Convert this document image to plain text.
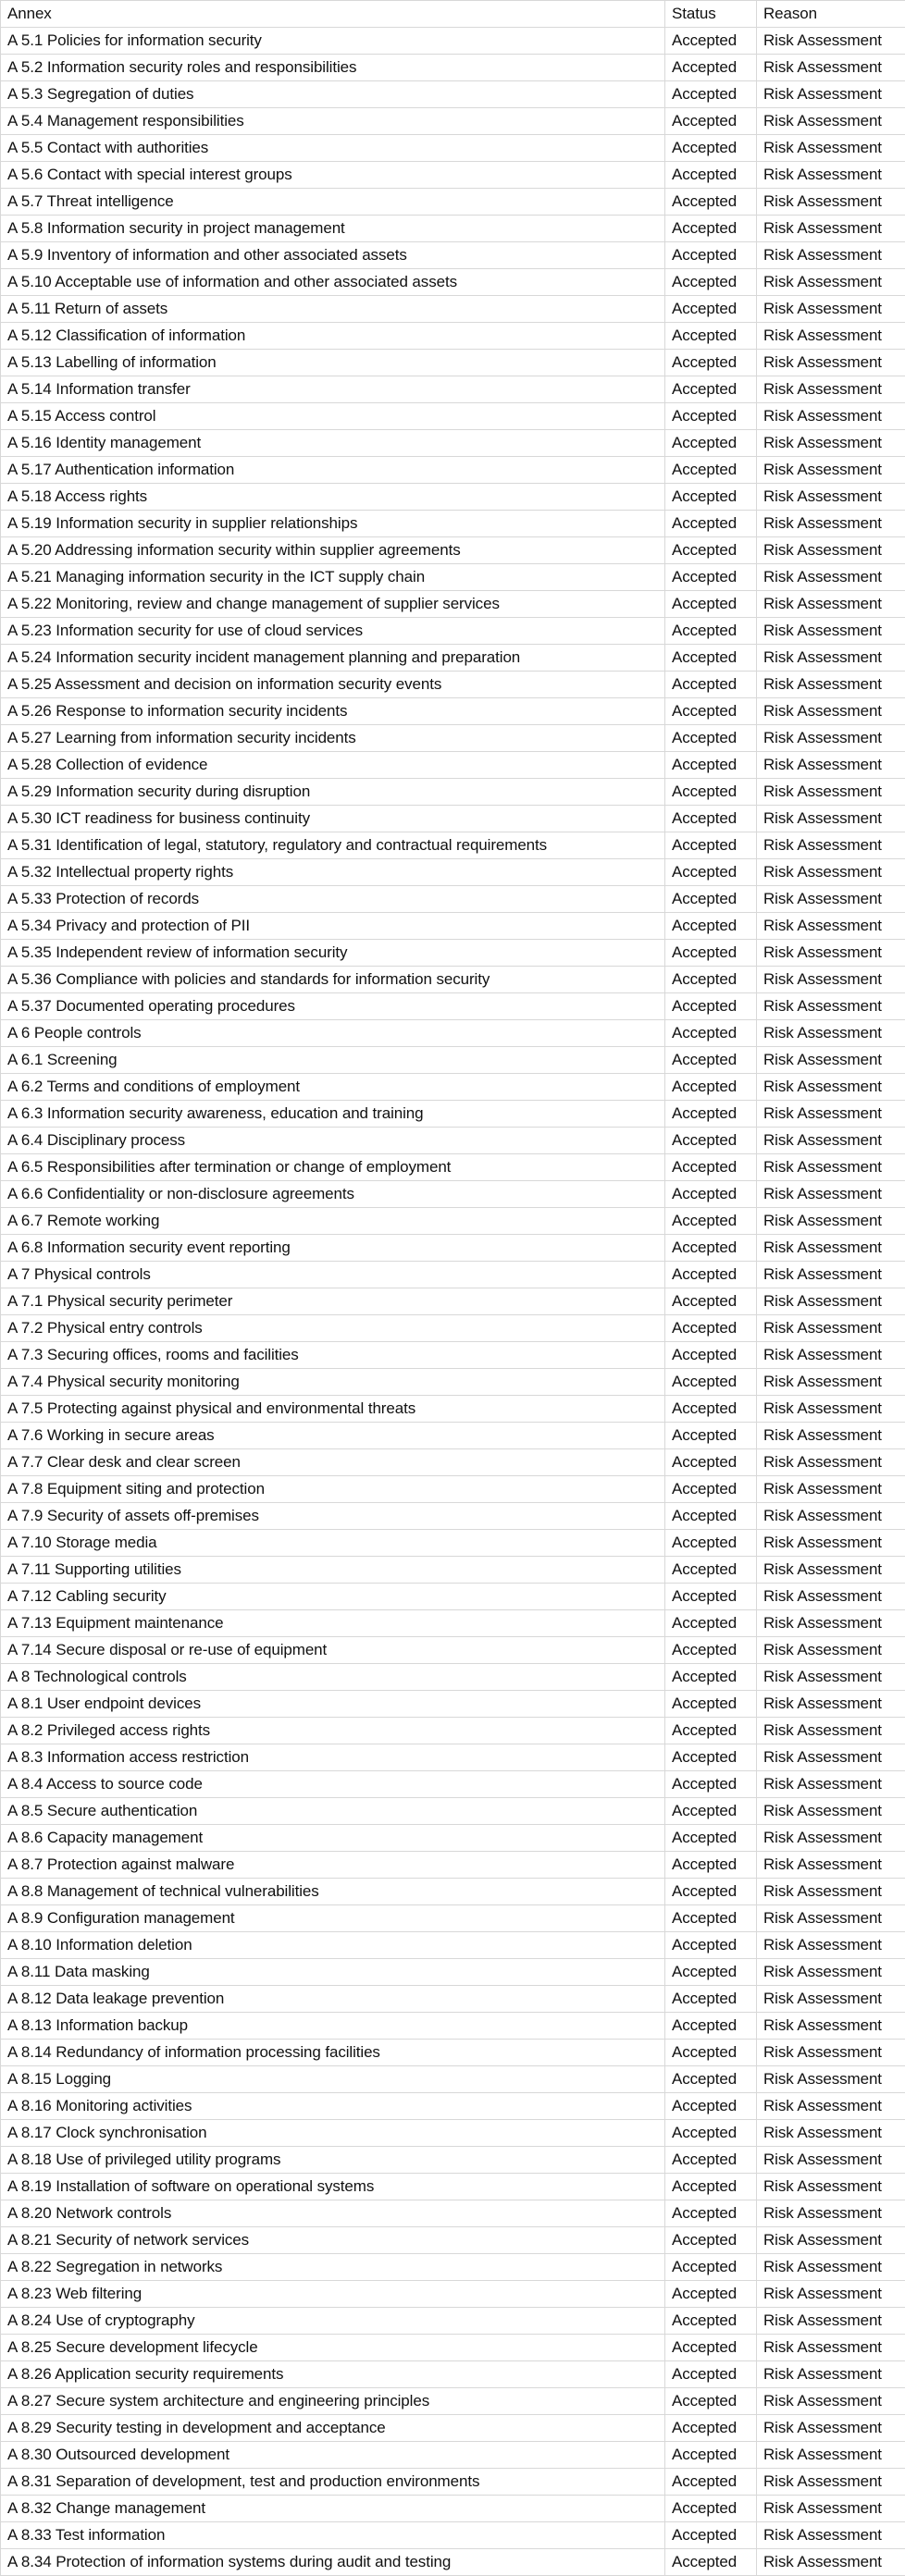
Annex	Status	Reason
A 5.1 Policies for information security	Accepted	Risk Assessment
A 5.2 Information security roles and responsibilities	Accepted	Risk Assessment
A 5.3 Segregation of duties	Accepted	Risk Assessment
A 5.4 Management responsibilities	Accepted	Risk Assessment
A 5.5 Contact with authorities	Accepted	Risk Assessment
A 5.6 Contact with special interest groups	Accepted	Risk Assessment
A 5.7 Threat intelligence	Accepted	Risk Assessment
A 5.8 Information security in project management	Accepted	Risk Assessment
A 5.9 Inventory of information and other associated assets	Accepted	Risk Assessment
A 5.10 Acceptable use of information and other associated assets	Accepted	Risk Assessment
A 5.11 Return of assets	Accepted	Risk Assessment
A 5.12 Classification of information	Accepted	Risk Assessment
A 5.13 Labelling of information	Accepted	Risk Assessment
A 5.14 Information transfer	Accepted	Risk Assessment
A 5.15 Access control	Accepted	Risk Assessment
A 5.16 Identity management	Accepted	Risk Assessment
A 5.17 Authentication information	Accepted	Risk Assessment
A 5.18 Access rights	Accepted	Risk Assessment
A 5.19 Information security in supplier relationships	Accepted	Risk Assessment
A 5.20 Addressing information security within supplier agreements	Accepted	Risk Assessment
A 5.21 Managing information security in the ICT supply chain	Accepted	Risk Assessment
A 5.22 Monitoring, review and change management of supplier services	Accepted	Risk Assessment
A 5.23 Information security for use of cloud services	Accepted	Risk Assessment
A 5.24 Information security incident management planning and preparation	Accepted	Risk Assessment
A 5.25 Assessment and decision on information security events	Accepted	Risk Assessment
A 5.26 Response to information security incidents	Accepted	Risk Assessment
A 5.27 Learning from information security incidents	Accepted	Risk Assessment
A 5.28 Collection of evidence	Accepted	Risk Assessment
A 5.29 Information security during disruption	Accepted	Risk Assessment
A 5.30 ICT readiness for business continuity	Accepted	Risk Assessment
A 5.31 Identification of legal, statutory, regulatory and contractual requirements	Accepted	Risk Assessment
A 5.32 Intellectual property rights	Accepted	Risk Assessment
A 5.33 Protection of records	Accepted	Risk Assessment
A 5.34 Privacy and protection of PII	Accepted	Risk Assessment
A 5.35 Independent review of information security	Accepted	Risk Assessment
A 5.36 Compliance with policies and standards for information security	Accepted	Risk Assessment
A 5.37 Documented operating procedures	Accepted	Risk Assessment
A 6 People controls	Accepted	Risk Assessment
A 6.1 Screening	Accepted	Risk Assessment
A 6.2 Terms and conditions of employment	Accepted	Risk Assessment
A 6.3 Information security awareness, education and training	Accepted	Risk Assessment
A 6.4 Disciplinary process	Accepted	Risk Assessment
A 6.5 Responsibilities after termination or change of employment	Accepted	Risk Assessment
A 6.6 Confidentiality or non-disclosure agreements	Accepted	Risk Assessment
A 6.7 Remote working	Accepted	Risk Assessment
A 6.8 Information security event reporting	Accepted	Risk Assessment
A 7 Physical controls	Accepted	Risk Assessment
A 7.1 Physical security perimeter	Accepted	Risk Assessment
A 7.2 Physical entry controls	Accepted	Risk Assessment
A 7.3 Securing offices, rooms and facilities	Accepted	Risk Assessment
A 7.4 Physical security monitoring	Accepted	Risk Assessment
A 7.5 Protecting against physical and environmental threats	Accepted	Risk Assessment
A 7.6 Working in secure areas	Accepted	Risk Assessment
A 7.7 Clear desk and clear screen	Accepted	Risk Assessment
A 7.8 Equipment siting and protection	Accepted	Risk Assessment
A 7.9 Security of assets off-premises	Accepted	Risk Assessment
A 7.10 Storage media	Accepted	Risk Assessment
A 7.11 Supporting utilities	Accepted	Risk Assessment
A 7.12 Cabling security	Accepted	Risk Assessment
A 7.13 Equipment maintenance	Accepted	Risk Assessment
A 7.14 Secure disposal or re-use of equipment	Accepted	Risk Assessment
A 8 Technological controls	Accepted	Risk Assessment
A 8.1 User endpoint devices	Accepted	Risk Assessment
A 8.2 Privileged access rights	Accepted	Risk Assessment
A 8.3 Information access restriction	Accepted	Risk Assessment
A 8.4 Access to source code	Accepted	Risk Assessment
A 8.5 Secure authentication	Accepted	Risk Assessment
A 8.6 Capacity management	Accepted	Risk Assessment
A 8.7 Protection against malware	Accepted	Risk Assessment
A 8.8 Management of technical vulnerabilities	Accepted	Risk Assessment
A 8.9 Configuration management	Accepted	Risk Assessment
A 8.10 Information deletion	Accepted	Risk Assessment
A 8.11 Data masking	Accepted	Risk Assessment
A 8.12 Data leakage prevention	Accepted	Risk Assessment
A 8.13 Information backup	Accepted	Risk Assessment
A 8.14 Redundancy of information processing facilities	Accepted	Risk Assessment
A 8.15 Logging	Accepted	Risk Assessment
A 8.16 Monitoring activities	Accepted	Risk Assessment
A 8.17 Clock synchronisation	Accepted	Risk Assessment
A 8.18 Use of privileged utility programs	Accepted	Risk Assessment
A 8.19 Installation of software on operational systems	Accepted	Risk Assessment
A 8.20 Network controls	Accepted	Risk Assessment
A 8.21 Security of network services	Accepted	Risk Assessment
A 8.22 Segregation in networks	Accepted	Risk Assessment
A 8.23 Web filtering	Accepted	Risk Assessment
A 8.24 Use of cryptography	Accepted	Risk Assessment
A 8.25 Secure development lifecycle	Accepted	Risk Assessment
A 8.26 Application security requirements	Accepted	Risk Assessment
A 8.27 Secure system architecture and engineering principles	Accepted	Risk Assessment
A 8.29 Security testing in development and acceptance	Accepted	Risk Assessment
A 8.30 Outsourced development	Accepted	Risk Assessment
A 8.31 Separation of development, test and production environments	Accepted	Risk Assessment
A 8.32 Change management	Accepted	Risk Assessment
A 8.33 Test information	Accepted	Risk Assessment
A 8.34 Protection of information systems during audit and testing	Accepted	Risk Assessment
